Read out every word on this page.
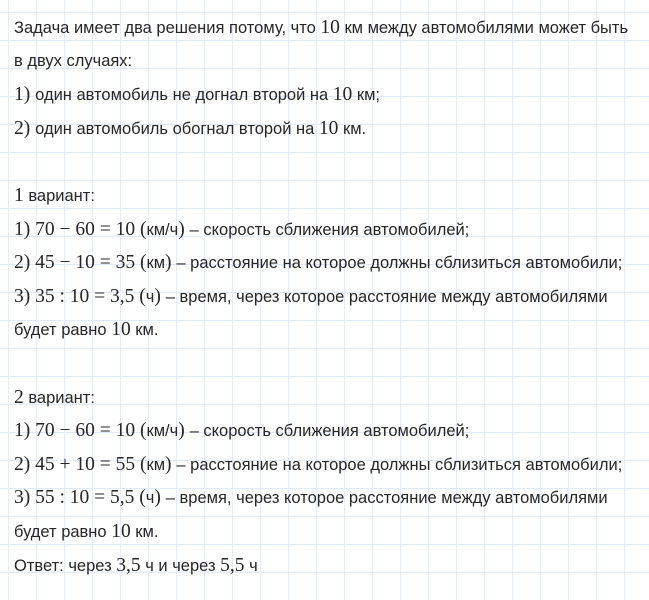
Задача имеет два решения потому, что 10 км между автомобилями может быть
в двух случаях:
1) один автомобиль не догнал второй на 10 км;
2) один автомобиль обогнал второй на 10 км.
1 вариант:
1) 70 − 60 = 10 (км/ч) – скорость сближения автомобилей;
2) 45 − 10 = 35 (км) – расстояние на которое должны сблизиться автомобили;
3) 35 : 10 = 3,5 (ч) – время, через которое расстояние между автомобилями
будет равно 10 км.
2 вариант:
1) 70 − 60 = 10 (км/ч) – скорость сближения автомобилей;
2) 45 + 10 = 55 (км) – расстояние на которое должны сблизиться автомобили;
3) 55 : 10 = 5,5 (ч) – время, через которое расстояние между автомобилями
будет равно 10 км.
Ответ: через 3,5 ч и через 5,5 ч
